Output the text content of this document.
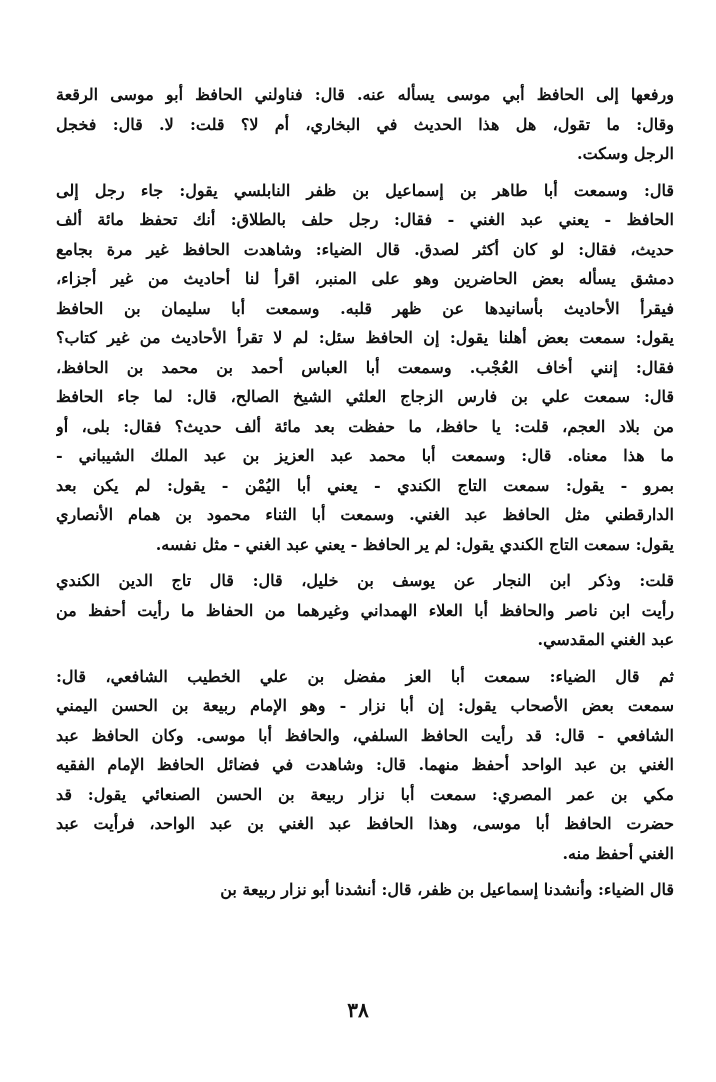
ورفعها إلى الحافظ أبي موسى يسأله عنه. قال: فناولني الحافظ أبو موسى الرقعة
وقال: ما تقول، هل هذا الحديث في البخاري، أم لا؟ قلت: لا. قال: فخجل
الرجل وسكت.
قال: وسمعت أبا طاهر بن إسماعيل بن ظفر النابلسي يقول: جاء رجل إلى
الحافظ - يعني عبد الغني - فقال: رجل حلف بالطلاق: أنك تحفظ مائة ألف
حديث، فقال: لو كان أكثر لصدق. قال الضياء: وشاهدت الحافظ غير مرة بجامع
دمشق يسأله بعض الحاضرين وهو على المنبر، اقرأ لنا أحاديث من غير أجزاء،
فيقرأ الأحاديث بأسانيدها عن ظهر قلبه. وسمعت أبا سليمان بن الحافظ
يقول: سمعت بعض أهلنا يقول: إن الحافظ سئل: لم لا تقرأ الأحاديث من غير كتاب؟
فقال: إنني أخاف العُجْب. وسمعت أبا العباس أحمد بن محمد بن الحافظ،
قال: سمعت علي بن فارس الزجاج العلثي الشيخ الصالح، قال: لما جاء الحافظ
من بلاد العجم، قلت: يا حافظ، ما حفظت بعد مائة ألف حديث؟ فقال: بلى، أو
ما هذا معناه. قال: وسمعت أبا محمد عبد العزيز بن عبد الملك الشيباني -
بمرو - يقول: سمعت التاج الكندي - يعني أبا اليُمْن - يقول: لم يكن بعد
الدارقطني مثل الحافظ عبد الغني. وسمعت أبا الثناء محمود بن همام الأنصاري
يقول: سمعت التاج الكندي يقول: لم ير الحافظ - يعني عبد الغني - مثل نفسه.
قلت: وذكر ابن النجار عن يوسف بن خليل، قال: قال تاج الدين الكندي
رأيت ابن ناصر والحافظ أبا العلاء الهمداني وغيرهما من الحفاظ ما رأيت أحفظ من
عبد الغني المقدسي.
ثم قال الضياء: سمعت أبا العز مفضل بن علي الخطيب الشافعي، قال:
سمعت بعض الأصحاب يقول: إن أبا نزار - وهو الإمام ربيعة بن الحسن اليمني
الشافعي - قال: قد رأيت الحافظ السلفي، والحافظ أبا موسى. وكان الحافظ عبد
الغني بن عبد الواحد أحفظ منهما. قال: وشاهدت في فضائل الحافظ الإمام الفقيه
مكي بن عمر المصري: سمعت أبا نزار ربيعة بن الحسن الصنعائي يقول: قد
حضرت الحافظ أبا موسى، وهذا الحافظ عبد الغني بن عبد الواحد، فرأيت عبد
الغني أحفظ منه.
قال الضياء: وأنشدنا إسماعيل بن ظفر، قال: أنشدنا أبو نزار ربيعة بن
٣٨
